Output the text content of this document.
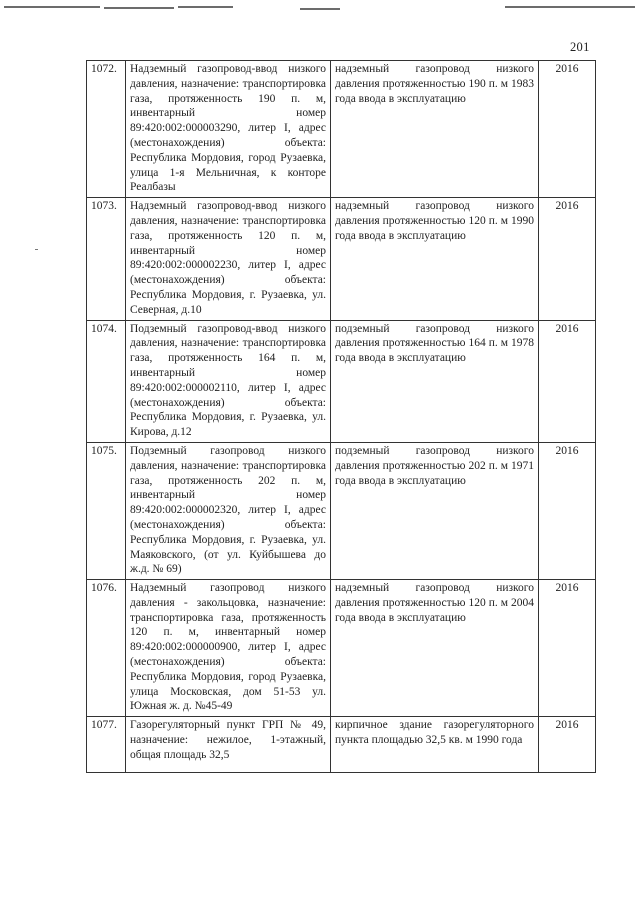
201
1072.	Надземный газопровод-ввод низкого давления, назначение: транспортировка газа, протяженность 190 п. м, инвентарный номер 89:420:002:000003290, литер I, адрес (местонахождения) объекта: Республика Мордовия, город Рузаевка, улица 1-я Мельничная, к конторе Реалбазы	надземный газопровод низкого давления протяженностью 190 п. м 1983 года ввода в эксплуатацию	2016
1073.	Надземный газопровод-ввод низкого давления, назначение: транспортировка газа, протяженность 120 п. м, инвентарный номер 89:420:002:000002230, литер I, адрес (местонахождения) объекта: Республика Мордовия, г. Рузаевка, ул. Северная, д.10	надземный газопровод низкого давления протяженностью 120 п. м 1990 года ввода в эксплуатацию	2016
1074.	Подземный газопровод-ввод низкого давления, назначение: транспортировка газа, протяженность 164 п. м, инвентарный номер 89:420:002:000002110, литер I, адрес (местонахождения) объекта: Республика Мордовия, г. Рузаевка, ул. Кирова, д.12	подземный газопровод низкого давления протяженностью 164 п. м 1978 года ввода в эксплуатацию	2016
1075.	Подземный газопровод низкого давления, назначение: транспортировка газа, протяженность 202 п. м, инвентарный номер 89:420:002:000002320, литер I, адрес (местонахождения) объекта: Республика Мордовия, г. Рузаевка, ул. Маяковского, (от ул. Куйбышева до ж.д. № 69)	подземный газопровод низкого давления протяженностью 202 п. м 1971 года ввода в эксплуатацию	2016
1076.	Надземный газопровод низкого давления - закольцовка, назначение: транспортировка газа, протяженность 120 п. м, инвентарный номер 89:420:002:000000900, литер I, адрес (местонахождения) объекта: Республика Мордовия, город Рузаевка, улица Московская, дом 51-53 ул. Южная ж. д. №45-49	надземный газопровод низкого давления протяженностью 120 п. м 2004 года ввода в эксплуатацию	2016
1077.	Газорегуляторный пункт ГРП № 49, назначение: нежилое, 1-этажный, общая площадь 32,5	кирпичное здание газорегуляторного пункта площадью 32,5 кв. м 1990 года	2016
